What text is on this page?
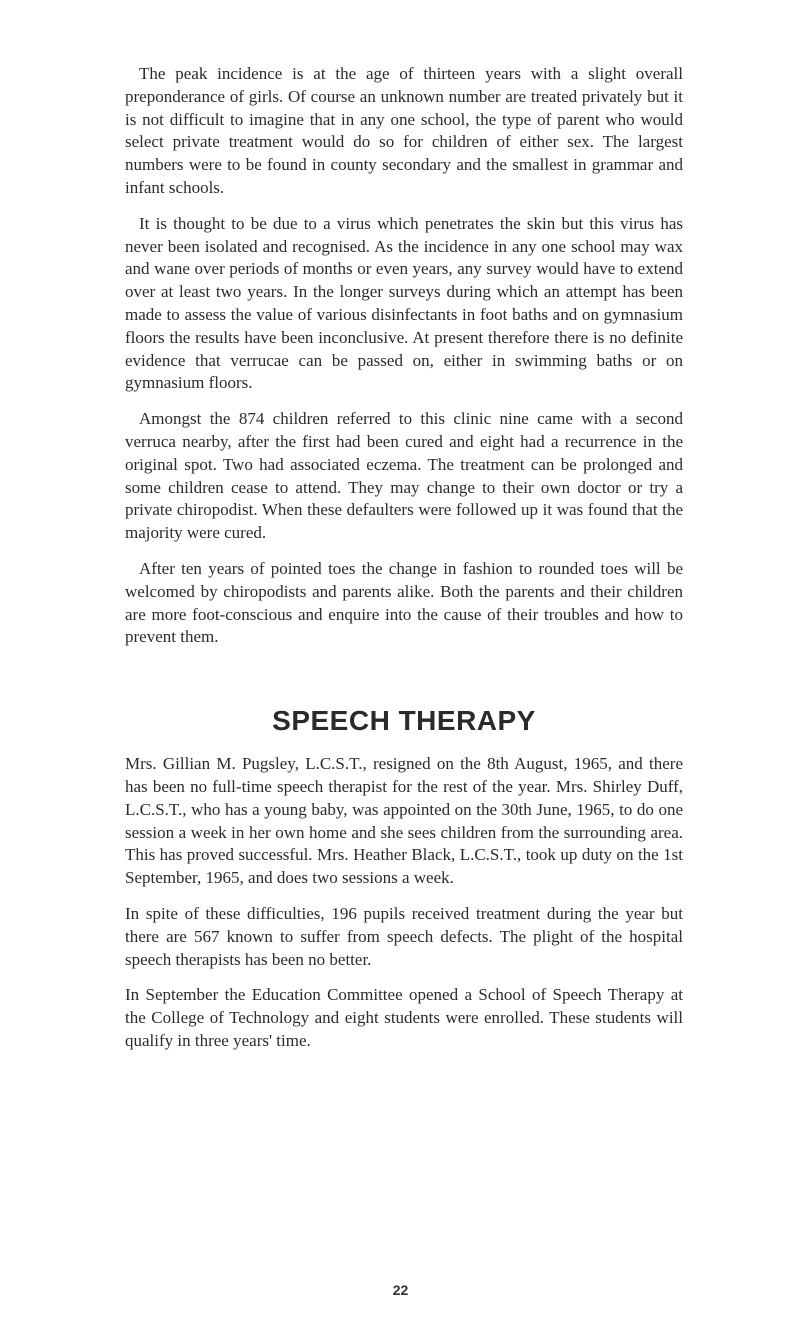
The peak incidence is at the age of thirteen years with a slight overall preponderance of girls. Of course an unknown number are treated privately but it is not difficult to imagine that in any one school, the type of parent who would select private treatment would do so for children of either sex. The largest numbers were to be found in county secondary and the smallest in grammar and infant schools.

It is thought to be due to a virus which penetrates the skin but this virus has never been isolated and recognised. As the incidence in any one school may wax and wane over periods of months or even years, any survey would have to extend over at least two years. In the longer surveys during which an attempt has been made to assess the value of various disinfectants in foot baths and on gymnasium floors the results have been inconclusive. At present therefore there is no definite evidence that verrucae can be passed on, either in swimming baths or on gymnasium floors.

Amongst the 874 children referred to this clinic nine came with a second verruca nearby, after the first had been cured and eight had a recurrence in the original spot. Two had associated eczema. The treatment can be prolonged and some children cease to attend. They may change to their own doctor or try a private chiropodist. When these defaulters were followed up it was found that the majority were cured.

After ten years of pointed toes the change in fashion to rounded toes will be welcomed by chiropodists and parents alike. Both the parents and their children are more foot-conscious and enquire into the cause of their troubles and how to prevent them.

SPEECH THERAPY

Mrs. Gillian M. Pugsley, L.C.S.T., resigned on the 8th August, 1965, and there has been no full-time speech therapist for the rest of the year. Mrs. Shirley Duff, L.C.S.T., who has a young baby, was appointed on the 30th June, 1965, to do one session a week in her own home and she sees children from the surrounding area. This has proved successful. Mrs. Heather Black, L.C.S.T., took up duty on the 1st September, 1965, and does two sessions a week.

In spite of these difficulties, 196 pupils received treatment during the year but there are 567 known to suffer from speech defects. The plight of the hospital speech therapists has been no better.

In September the Education Committee opened a School of Speech Therapy at the College of Technology and eight students were enrolled. These students will qualify in three years' time.

22
